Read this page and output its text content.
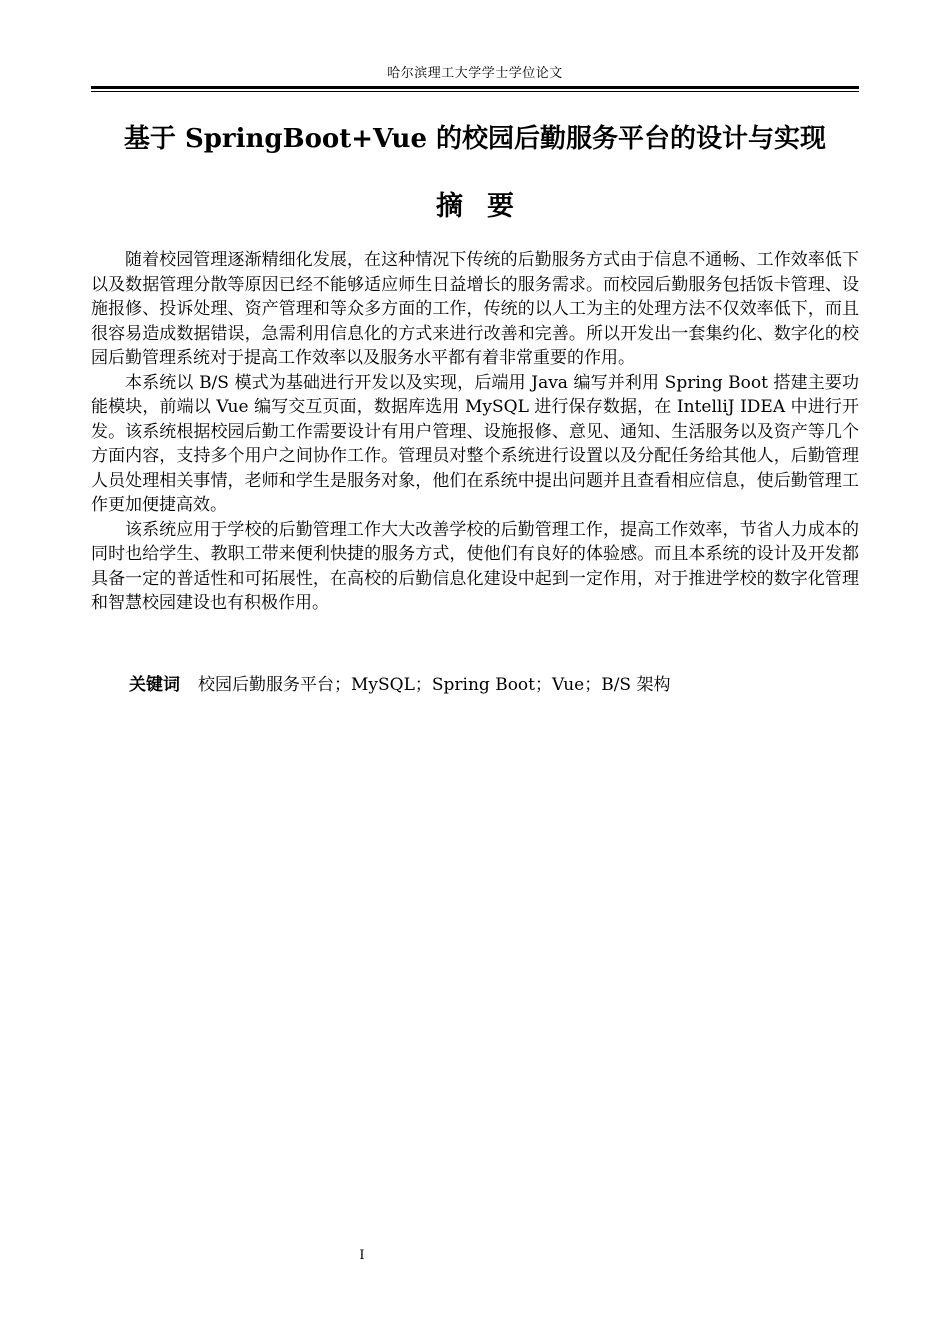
哈尔滨理工大学学士学位论文
基于 SpringBoot+Vue 的校园后勤服务平台的设计与实现
摘要

随着校园管理逐渐精细化发展，在这种情况下传统的后勤服务方式由于信息不通畅、工作效率低下以及数据管理分散等原因已经不能够适应师生日益增长的服务需求。而校园后勤服务包括饭卡管理、设施报修、投诉处理、资产管理和等众多方面的工作，传统的以人工为主的处理方法不仅效率低下，而且很容易造成数据错误，急需利用信息化的方式来进行改善和完善。所以开发出一套集约化、数字化的校园后勤管理系统对于提高工作效率以及服务水平都有着非常重要的作用。

本系统以 B/S 模式为基础进行开发以及实现，后端用 Java 编写并利用 Spring Boot 搭建主要功能模块，前端以 Vue 编写交互页面，数据库选用 MySQL 进行保存数据，在 IntelliJ IDEA 中进行开发。该系统根据校园后勤工作需要设计有用户管理、设施报修、意见、通知、生活服务以及资产等几个方面内容，支持多个用户之间协作工作。管理员对整个系统进行设置以及分配任务给其他人，后勤管理人员处理相关事情，老师和学生是服务对象，他们在系统中提出问题并且查看相应信息，使后勤管理工作更加便捷高效。

该系统应用于学校的后勤管理工作大大改善学校的后勤管理工作，提高工作效率，节省人力成本的同时也给学生、教职工带来便利快捷的服务方式，使他们有良好的体验感。而且本系统的设计及开发都具备一定的普适性和可拓展性，在高校的后勤信息化建设中起到一定作用，对于推进学校的数字化管理和智慧校园建设也有积极作用。

关键词 校园后勤服务平台；MySQL；Spring Boot；Vue；B/S 架构
I
